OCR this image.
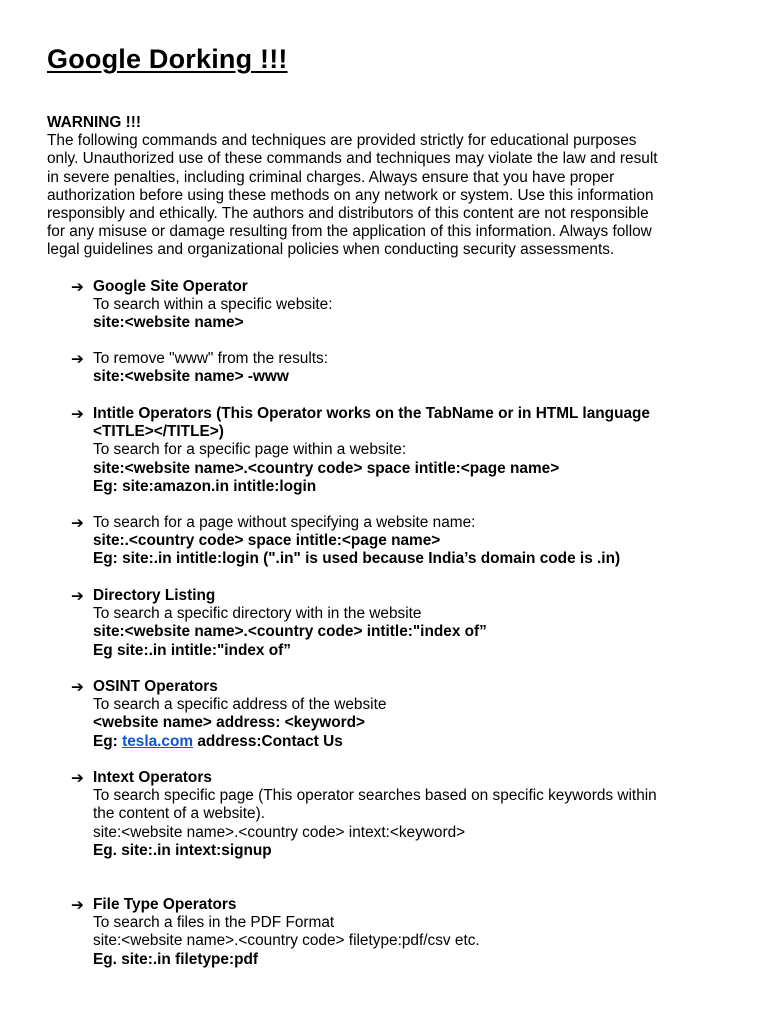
Google Dorking !!!
WARNING !!!

The following commands and techniques are provided strictly for educational purposes

only. Unauthorized use of these commands and techniques may violate the law and result

in severe penalties, including criminal charges. Always ensure that you have proper

authorization before using these methods on any network or system. Use this information

responsibly and ethically. The authors and distributors of this content are not responsible

for any misuse or damage resulting from the application of this information. Always follow

legal guidelines and organizational policies when conducting security assessments.

➔ Google Site Operator
To search within a specific website:
site:<website name>
➔ To remove "www" from the results:
site:<website name> -www
➔ Intitle Operators (This Operator works on the TabName or in HTML language
<TITLE></TITLE>)
To search for a specific page within a website:
site:<website name>.<country code> space intitle:<page name>
Eg: site:amazon.in intitle:login
➔ To search for a page without specifying a website name:
site:.<country code> space intitle:<page name>
Eg: site:.in intitle:login (".in" is used because India’s domain code is .in)
➔ Directory Listing
To search a specific directory with in the website
site:<website name>.<country code> intitle:"index of”
Eg site:.in intitle:"index of”
➔ OSINT Operators
To search a specific address of the website
<website name> address: <keyword>
Eg: tesla.com address:Contact Us
➔ Intext Operators
To search specific page (This operator searches based on specific keywords within
the content of a website).
site:<website name>.<country code> intext:<keyword>
Eg. site:.in intext:signup
➔ File Type Operators
To search a files in the PDF Format
site:<website name>.<country code> filetype:pdf/csv etc.
Eg. site:.in filetype:pdf
